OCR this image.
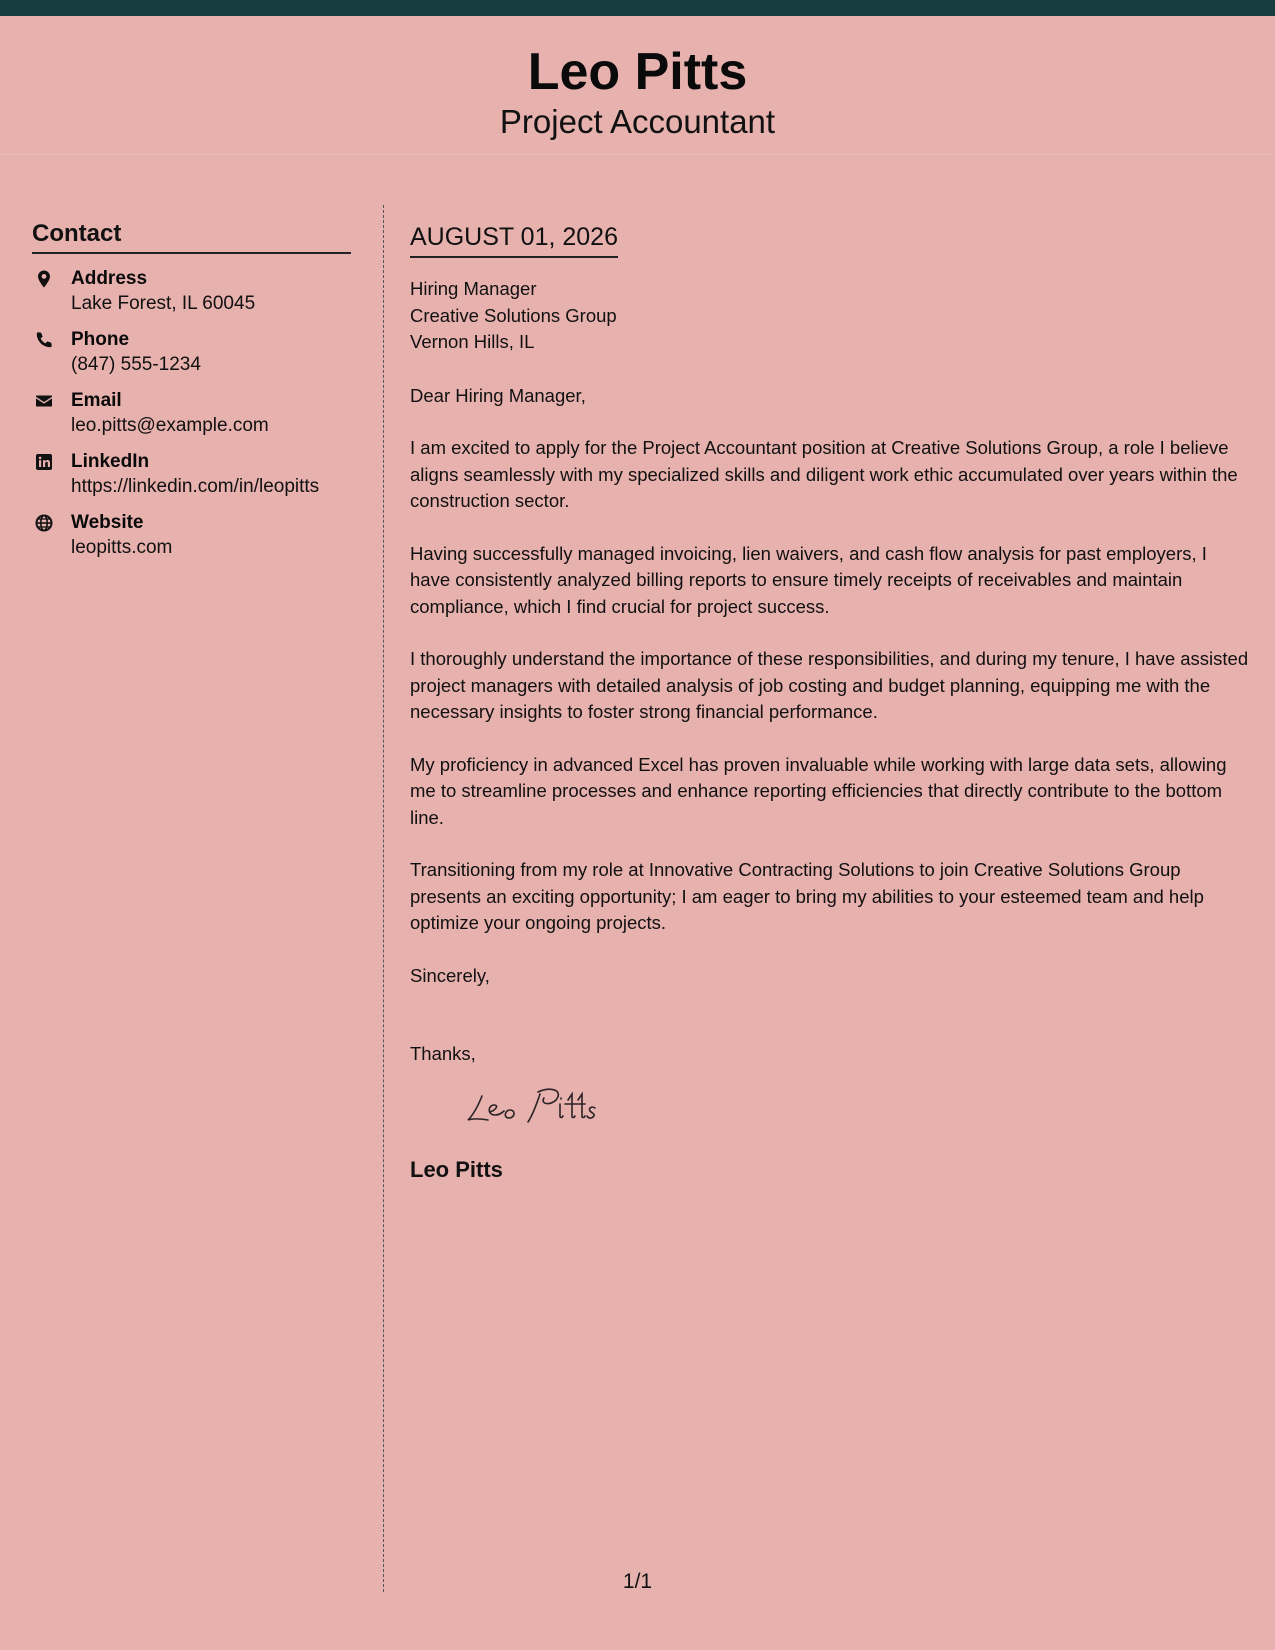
Leo Pitts
Project Accountant
Contact
Address
Lake Forest, IL 60045
Phone
(847) 555-1234
Email
leo.pitts@example.com
LinkedIn
https://linkedin.com/in/leopitts
Website
leopitts.com
AUGUST 01, 2026
Hiring Manager
Creative Solutions Group
Vernon Hills, IL

Dear Hiring Manager,

I am excited to apply for the Project Accountant position at Creative Solutions Group, a role I believe aligns seamlessly with my specialized skills and diligent work ethic accumulated over years within the construction sector.

Having successfully managed invoicing, lien waivers, and cash flow analysis for past employers, I have consistently analyzed billing reports to ensure timely receipts of receivables and maintain compliance, which I find crucial for project success.

I thoroughly understand the importance of these responsibilities, and during my tenure, I have assisted project managers with detailed analysis of job costing and budget planning, equipping me with the necessary insights to foster strong financial performance.

My proficiency in advanced Excel has proven invaluable while working with large data sets, allowing me to streamline processes and enhance reporting efficiencies that directly contribute to the bottom line.

Transitioning from my role at Innovative Contracting Solutions to join Creative Solutions Group presents an exciting opportunity; I am eager to bring my abilities to your esteemed team and help optimize your ongoing projects.

Sincerely,

Thanks,
Leo Pitts
1/1
